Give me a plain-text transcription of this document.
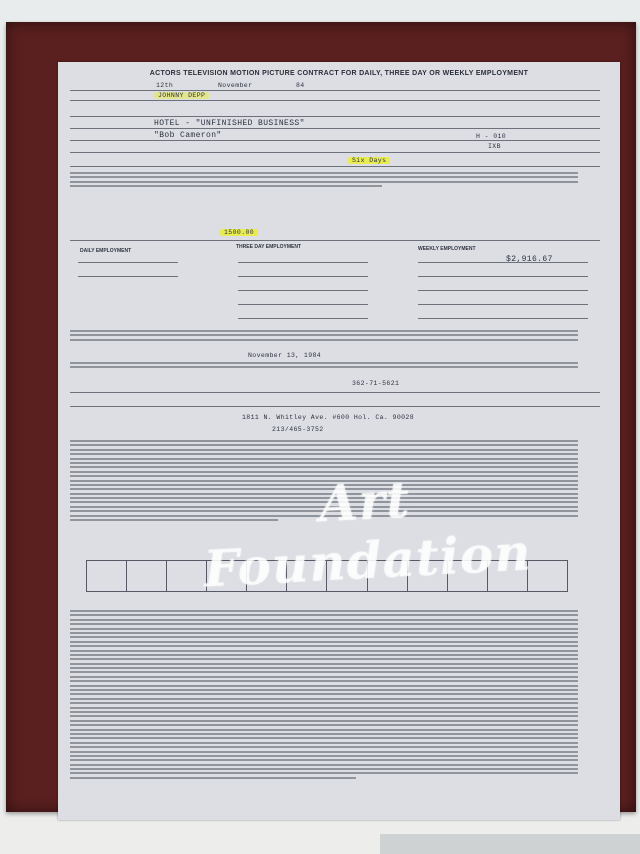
ACTORS TELEVISION MOTION PICTURE CONTRACT FOR DAILY, THREE DAY OR WEEKLY EMPLOYMENT
12th	November	84
JOHNNY DEPP
HOTEL - "UNFINISHED BUSINESS"
"Bob Cameron"	H - 010
IXB
Six Days
1500.00
DAILY EMPLOYMENT
THREE DAY EMPLOYMENT	WEEKLY EMPLOYMENT
$2,916.67
November 13, 1984
362-71-5621
1811 N. Whitley Ave. #600 Hol. Ca. 90028
213/465-3752
Art Foundation
